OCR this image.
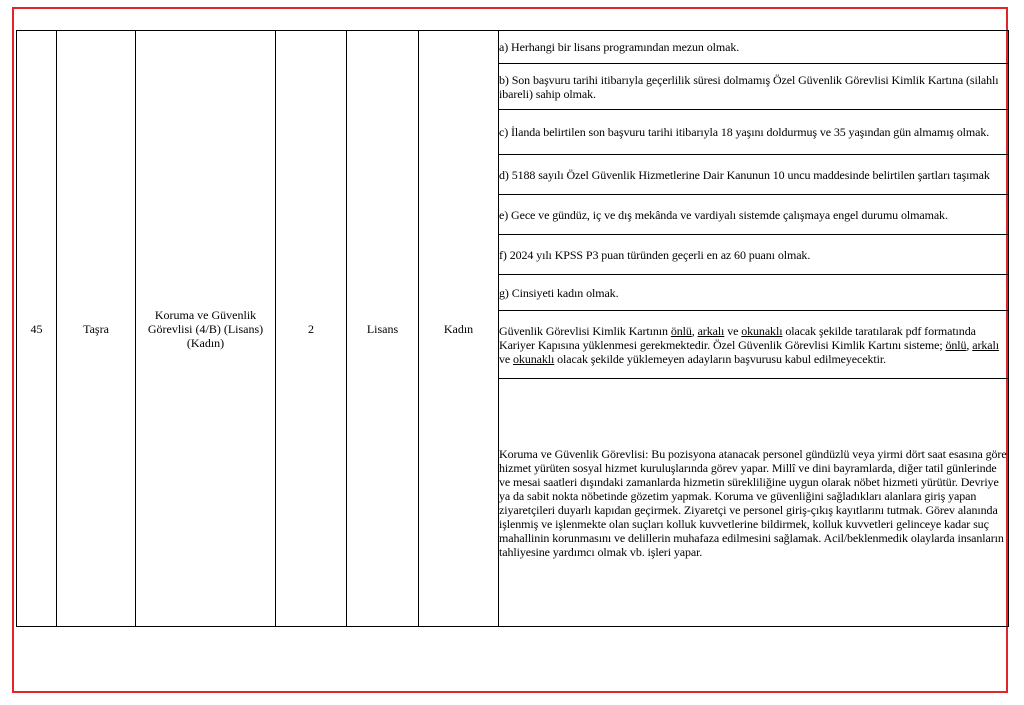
45	Taşra	Koruma ve Güvenlik Görevlisi (4/B) (Lisans)(Kadın)	2	Lisans	Kadın	a) Herhangi bir lisans programından mezun olmak.
b) Son başvuru tarihi itibarıyla geçerlilik süresi dolmamış Özel Güvenlik Görevlisi Kimlik Kartına (silahlı ibareli) sahip olmak.
c) İlanda belirtilen son başvuru tarihi itibarıyla 18 yaşını doldurmuş ve 35 yaşından gün almamış olmak.
d) 5188 sayılı Özel Güvenlik Hizmetlerine Dair Kanunun 10 uncu maddesinde belirtilen şartları taşımak
e) Gece ve gündüz, iç ve dış mekânda ve vardiyalı sistemde çalışmaya engel durumu olmamak.
f) 2024 yılı KPSS P3 puan türünden geçerli en az 60 puanı olmak.
g) Cinsiyeti kadın olmak.
Güvenlik Görevlisi Kimlik Kartının önlü, arkalı ve okunaklı olacak şekilde taratılarak pdf formatında Kariyer Kapısına yüklenmesi gerekmektedir. Özel Güvenlik Görevlisi Kimlik Kartını sisteme; önlü, arkalı ve okunaklı olacak şekilde yüklemeyen adayların başvurusu kabul edilmeyecektir.
Koruma ve Güvenlik Görevlisi: Bu pozisyona atanacak personel gündüzlü veya yirmi dört saat esasına göre hizmet yürüten sosyal hizmet kuruluşlarında görev yapar. Millî ve dini bayramlarda, diğer tatil günlerinde ve mesai saatleri dışındaki zamanlarda hizmetin sürekliliğine uygun olarak nöbet hizmeti yürütür. Devriye ya da sabit nokta nöbetinde gözetim yapmak. Koruma ve güvenliğini sağladıkları alanlara giriş yapan ziyaretçileri duyarlı kapıdan geçirmek. Ziyaretçi ve personel giriş-çıkış kayıtlarını tutmak. Görev alanında işlenmiş ve işlenmekte olan suçları kolluk kuvvetlerine bildirmek, kolluk kuvvetleri gelinceye kadar suç mahallinin korunmasını ve delillerin muhafaza edilmesini sağlamak. Acil/beklenmedik olaylarda insanların tahliyesine yardımcı olmak vb. işleri yapar.
